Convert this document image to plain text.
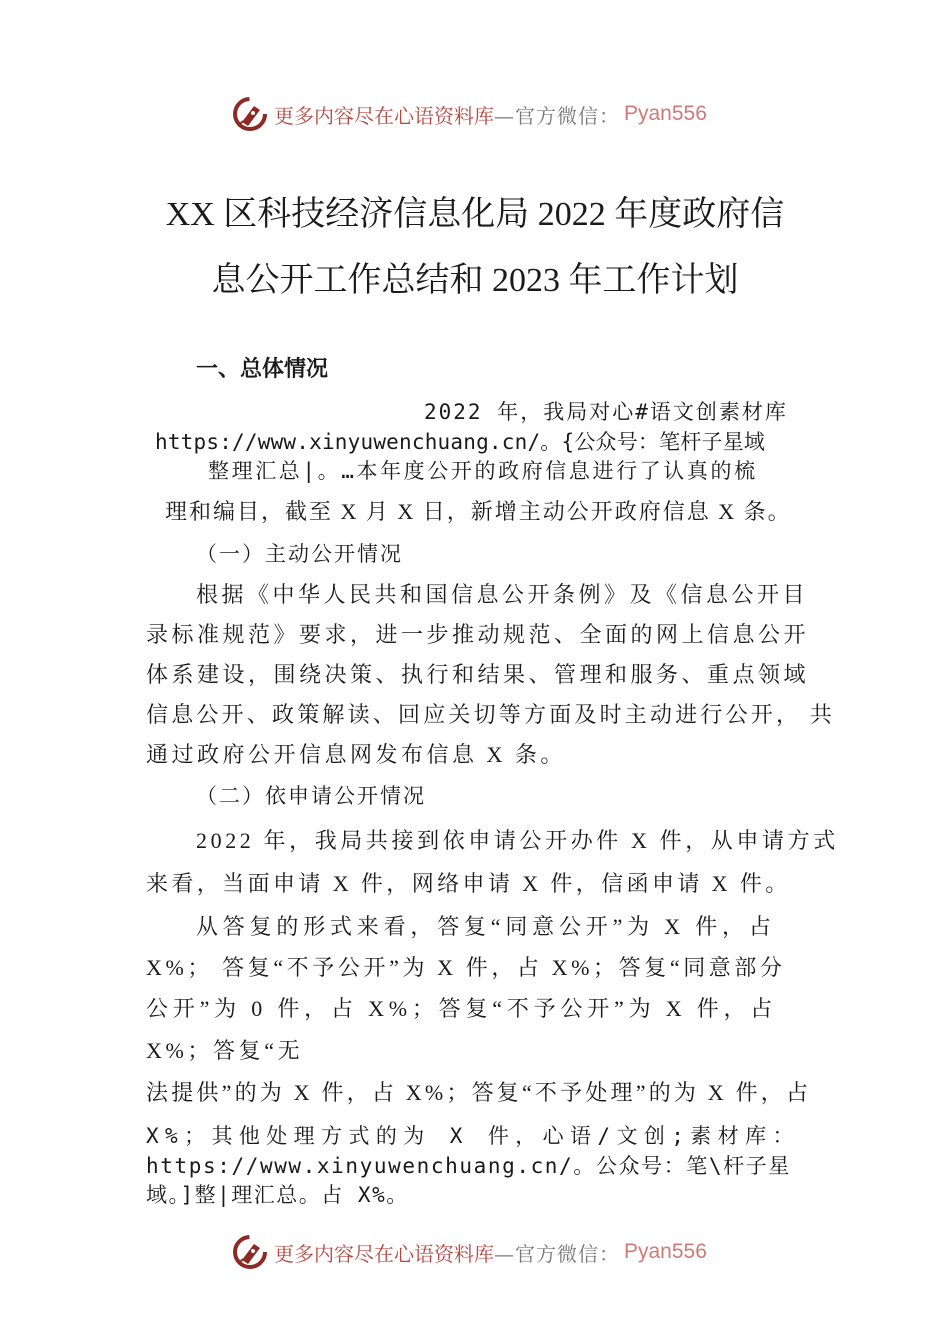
更多内容尽在心语资料库 —官方微信： Pyan556
XX 区科技经济信息化局 2022 年度政府信
息公开工作总结和 2023 年工作计划
一、总体情况
2022 年，我局对心#语文创素材库
https://www.xinyuwenchuang.cn/。{公众号：笔杆子星域
整理汇总|。…本年度公开的政府信息进行了认真的梳
理和编目，截至 X 月 X 日，新增主动公开政府信息 X 条。
（一）主动公开情况
根据《中华人民共和国信息公开条例》及《信息公开目
录标准规范》要求，进一步推动规范、全面的网上信息公开
体系建设，围绕决策、执行和结果、管理和服务、重点领域
信息公开、政策解读、回应关切等方面及时主动进行公开， 共
通过政府公开信息网发布信息 X 条。
（二）依申请公开情况
2022 年，我局共接到依申请公开办件 X 件，从申请方式
来看，当面申请 X 件，网络申请 X 件，信函申请 X 件。
从答复的形式来看，答复“同意公开”为 X 件，占
X%； 答复“不予公开”为 X 件，占 X%；答复“同意部分
公开”为 0 件，占 X%；答复“不予公开”为 X 件，占
X%；答复“无
法提供”的为 X 件，占 X%；答复“不予处理”的为 X 件，占
X%；其他处理方式的为 X 件，心语/文创;素材库：
https://www.xinyuwenchuang.cn/。公众号：笔\杆子星
域。]整|理汇总。占 X%。
更多内容尽在心语资料库 —官方微信： Pyan556
